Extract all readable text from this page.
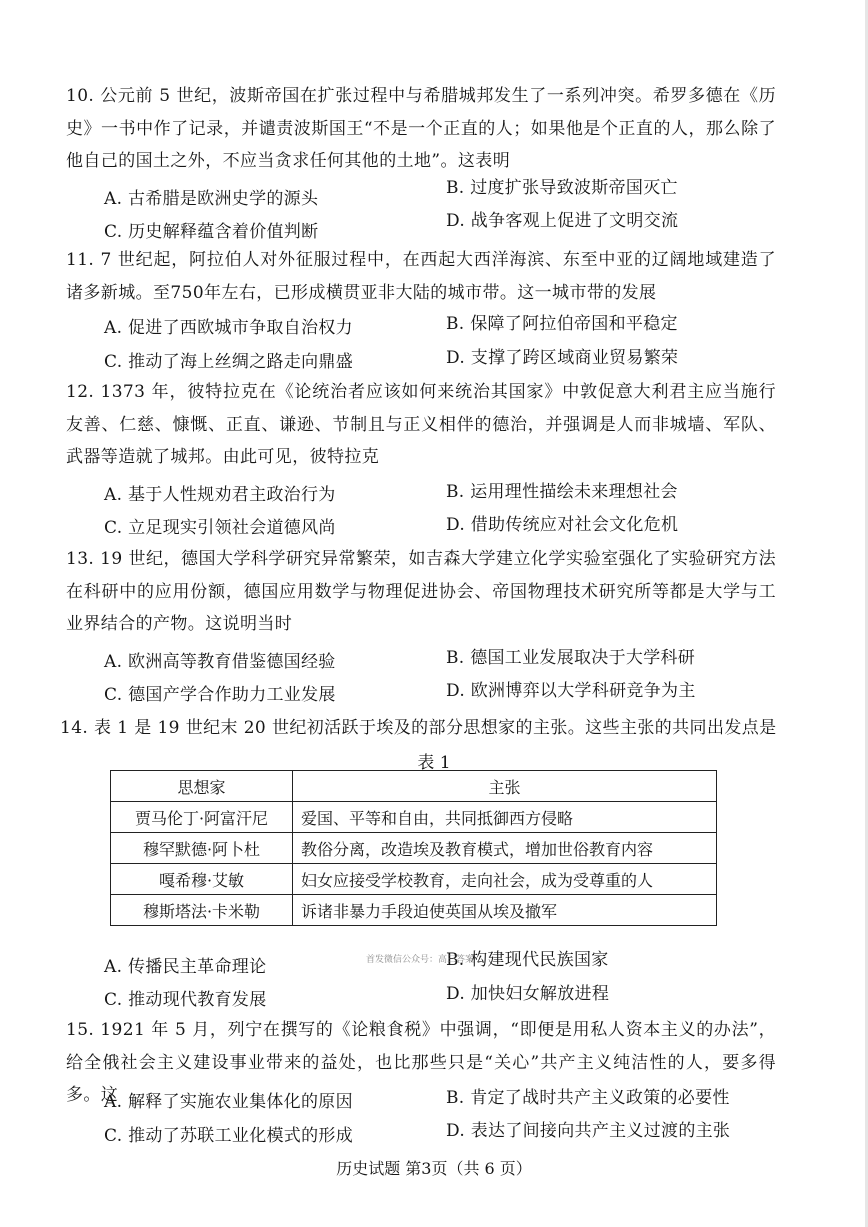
10. 公元前 5 世纪，波斯帝国在扩张过程中与希腊城邦发生了一系列冲突。希罗多德在《历史》一书中作了记录，并谴责波斯国王“不是一个正直的人；如果他是个正直的人，那么除了他自己的国土之外，不应当贪求任何其他的土地”。这表明
A. 古希腊是欧洲史学的源头
B. 过度扩张导致波斯帝国灭亡
C. 历史解释蕴含着价值判断
D. 战争客观上促进了文明交流
11. 7 世纪起，阿拉伯人对外征服过程中，在西起大西洋海滨、东至中亚的辽阔地域建造了诸多新城。至750年左右，已形成横贯亚非大陆的城市带。这一城市带的发展
A. 促进了西欧城市争取自治权力	B. 保障了阿拉伯帝国和平稳定
C. 推动了海上丝绸之路走向鼎盛	D. 支撑了跨区域商业贸易繁荣
12. 1373 年，彼特拉克在《论统治者应该如何来统治其国家》中敦促意大利君主应当施行友善、仁慈、慷慨、正直、谦逊、节制且与正义相伴的德治，并强调是人而非城墙、军队、武器等造就了城邦。由此可见，彼特拉克
A. 基于人性规劝君主政治行为	B. 运用理性描绘未来理想社会
C. 立足现实引领社会道德风尚	D. 借助传统应对社会文化危机
13. 19 世纪，德国大学科学研究异常繁荣，如吉森大学建立化学实验室强化了实验研究方法在科研中的应用份额，德国应用数学与物理促进协会、帝国物理技术研究所等都是大学与工业界结合的产物。这说明当时
A. 欧洲高等教育借鉴德国经验	B. 德国工业发展取决于大学科研
C. 德国产学合作助力工业发展	D. 欧洲博弈以大学科研竞争为主
14. 表 1 是 19 世纪末 20 世纪初活跃于埃及的部分思想家的主张。这些主张的共同出发点是
表 1
思想家	主张
贾马伦丁·阿富汗尼	爱国、平等和自由，共同抵御西方侵略
穆罕默德·阿卜杜	教俗分离，改造埃及教育模式，增加世俗教育内容
嘎希穆·艾敏	妇女应接受学校教育，走向社会，成为受尊重的人
穆斯塔法·卡米勒	诉诸非暴力手段迫使英国从埃及撤军
A. 传播民主革命理论	B. 构建现代民族国家
C. 推动现代教育发展	D. 加快妇女解放进程
首发微信公众号：高三答案
15. 1921 年 5 月，列宁在撰写的《论粮食税》中强调，“即便是用私人资本主义的办法”，给全俄社会主义建设事业带来的益处，也比那些只是“关心”共产主义纯洁性的人，要多得多。这
A. 解释了实施农业集体化的原因	B. 肯定了战时共产主义政策的必要性
C. 推动了苏联工业化模式的形成	D. 表达了间接向共产主义过渡的主张
历史试题 第3页（共 6 页）
